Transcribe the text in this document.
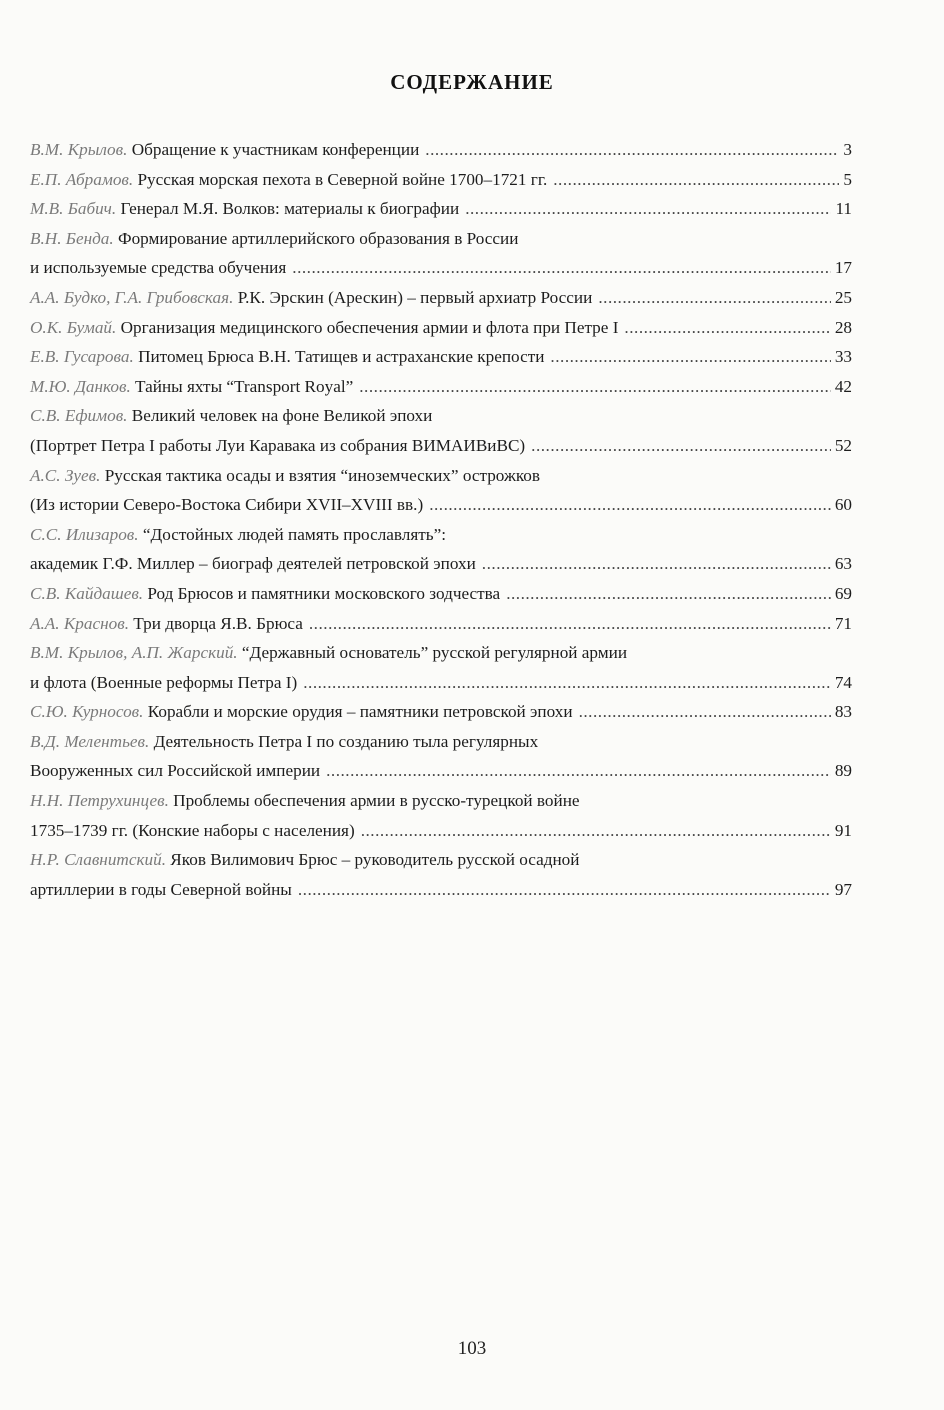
СОДЕРЖАНИЕ
В.М. Крылов.
Обращение к участникам конференции .....	3
Е.П. Абрамов.
Русская морская пехота в Северной войне 1700–1721 гг. .....	5
М.В. Бабич.
Генерал М.Я. Волков: материалы к биографии .....	11
В.Н. Бенда.
Формирование артиллерийского образования в России
и используемые средства обучения .....	17
А.А. Будко, Г.А. Грибовская.
Р.К. Эрскин (Арескин) – первый архиатр России .....	25
О.К. Бумай.
Организация медицинского обеспечения армии и флота при Петре I .....	28
Е.В. Гусарова.
Питомец Брюса В.Н. Татищев и астраханские крепости .....	33
М.Ю. Данков.
Тайны яхты “Transport Royal” .....	42
С.В. Ефимов.
Великий человек на фоне Великой эпохи
(Портрет Петра I работы Луи Каравака из собрания ВИМАИВиВС) .....	52
А.С. Зуев.
Русская тактика осады и взятия “иноземческих” острожков
(Из истории Северо-Востока Сибири XVII–XVIII вв.) .....	60
С.С. Илизаров.
“Достойных людей память прославлять”:
академик Г.Ф. Миллер – биограф деятелей петровской эпохи .....	63
С.В. Кайдашев.
Род Брюсов и памятники московского зодчества .....	69
А.А. Краснов.
Три дворца Я.В. Брюса .....	71
В.М. Крылов, А.П. Жарский.
“Державный основатель” русской регулярной армии
и флота (Военные реформы Петра I) .....	74
С.Ю. Курносов.
Корабли и морские орудия – памятники петровской эпохи .....	83
В.Д. Мелентьев.
Деятельность Петра I по созданию тыла регулярных
Вооруженных сил Российской империи .....	89
Н.Н. Петрухинцев.
Проблемы обеспечения армии в русско-турецкой войне
1735–1739 гг. (Конские наборы с населения) .....	91
Н.Р. Славнитский.
Яков Вилимович Брюс – руководитель русской осадной
артиллерии в годы Северной войны .....	97
103
